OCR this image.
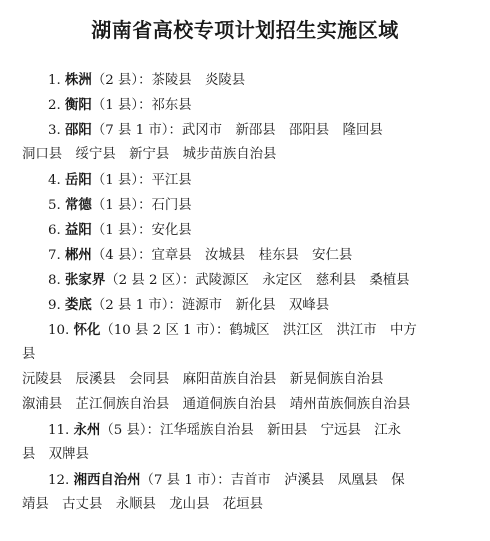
湖南省高校专项计划招生实施区域
1. 株洲（2 县）：茶陵县　炎陵县
2. 衡阳（1 县）：祁东县
3. 邵阳（7 县 1 市）：武冈市　新邵县　邵阳县　隆回县
洞口县　绥宁县　新宁县　城步苗族自治县
4. 岳阳（1 县）：平江县
5. 常德（1 县）：石门县
6. 益阳（1 县）：安化县
7. 郴州（4 县）：宜章县　汝城县　桂东县　安仁县
8. 张家界（2 县 2 区）：武陵源区　永定区　慈利县　桑植县
9. 娄底（2 县 1 市）：涟源市　新化县　双峰县
10. 怀化（10 县 2 区 1 市）：鹤城区　洪江区　洪江市　中方
县
沅陵县　辰溪县　会同县　麻阳苗族自治县　新晃侗族自治县
溆浦县　芷江侗族自治县　通道侗族自治县　靖州苗族侗族自治县
11. 永州（5 县）：江华瑶族自治县　新田县　宁远县　江永
县　双牌县
12. 湘西自治州（7 县 1 市）：吉首市　泸溪县　凤凰县　保
靖县　古丈县　永顺县　龙山县　花垣县
